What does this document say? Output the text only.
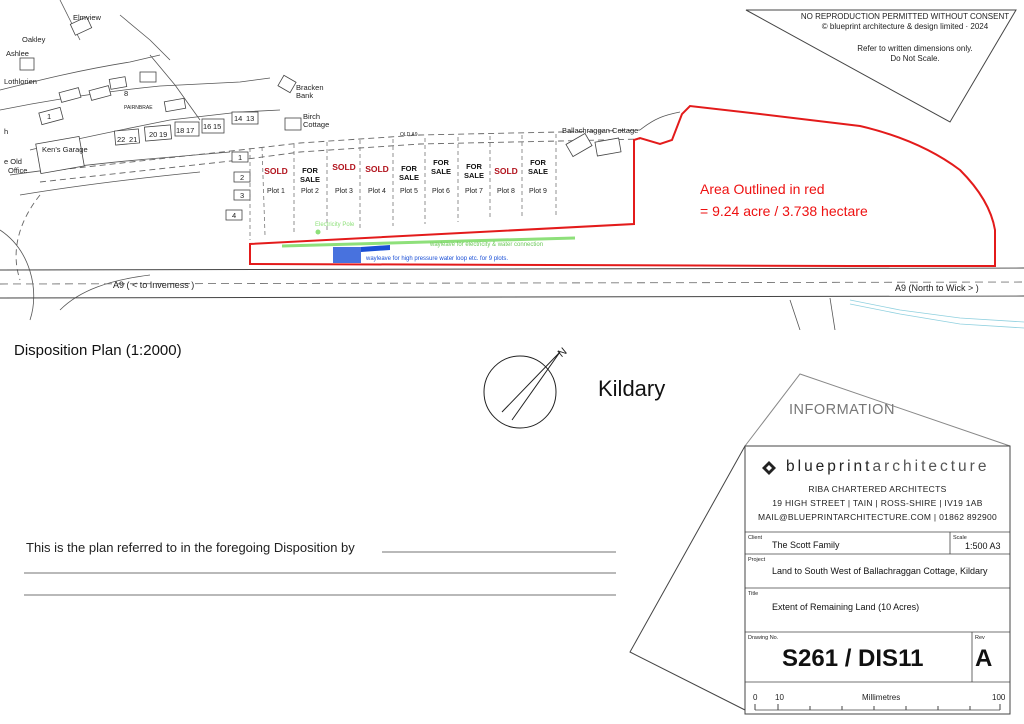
1
8
22 21
20 19 18 17 16 15
14 13
1
2
3
4
Elmview
Oakley
Ashlee
Lothlorien
h
Ken's Garage
e Old
Office
Bracken
Bank
Birch
Cottage
Ballachraggan Cottage
OLD A9
PAIRNBRAE
Electricity Pole
wayleave for electricity & water connection
wayleave for high pressure water loop etc. for 9 plots.
A9 ( < to Inverness )	A9 (North to Wick > )
SOLD
Plot 1
FOR SALE
Plot 2
SOLD
Plot 3
SOLD
Plot 4
FOR SALE
Plot 5
FOR SALE
Plot 6
FOR SALE
Plot 7
SOLD
Plot 8
FOR SALE
Plot 9	Area Outlined in red
= 9.24 acre / 3.738 hectare
NO REPRODUCTION PERMITTED WITHOUT CONSENT
© blueprint architecture & design limited · 2024
Refer to written dimensions only.
Do Not Scale.
Disposition Plan (1:2000)	N
Kildary
This is the plan referred to in the foregoing Disposition by
INFORMATION
blueprintarchitecture
RIBA CHARTERED ARCHITECTS
19 HIGH STREET | TAIN | ROSS-SHIRE | IV19 1AB
MAIL@BLUEPRINTARCHITECTURE.COM | 01862 892900
Client
The Scott Family
Scale
1:500 A3
Project
Land to South West of Ballachraggan Cottage, Kildary
Title
Extent of Remaining Land (10 Acres)
Drawing No.
S261 / DIS11
Rev
A
0 10	Millimetres	100
